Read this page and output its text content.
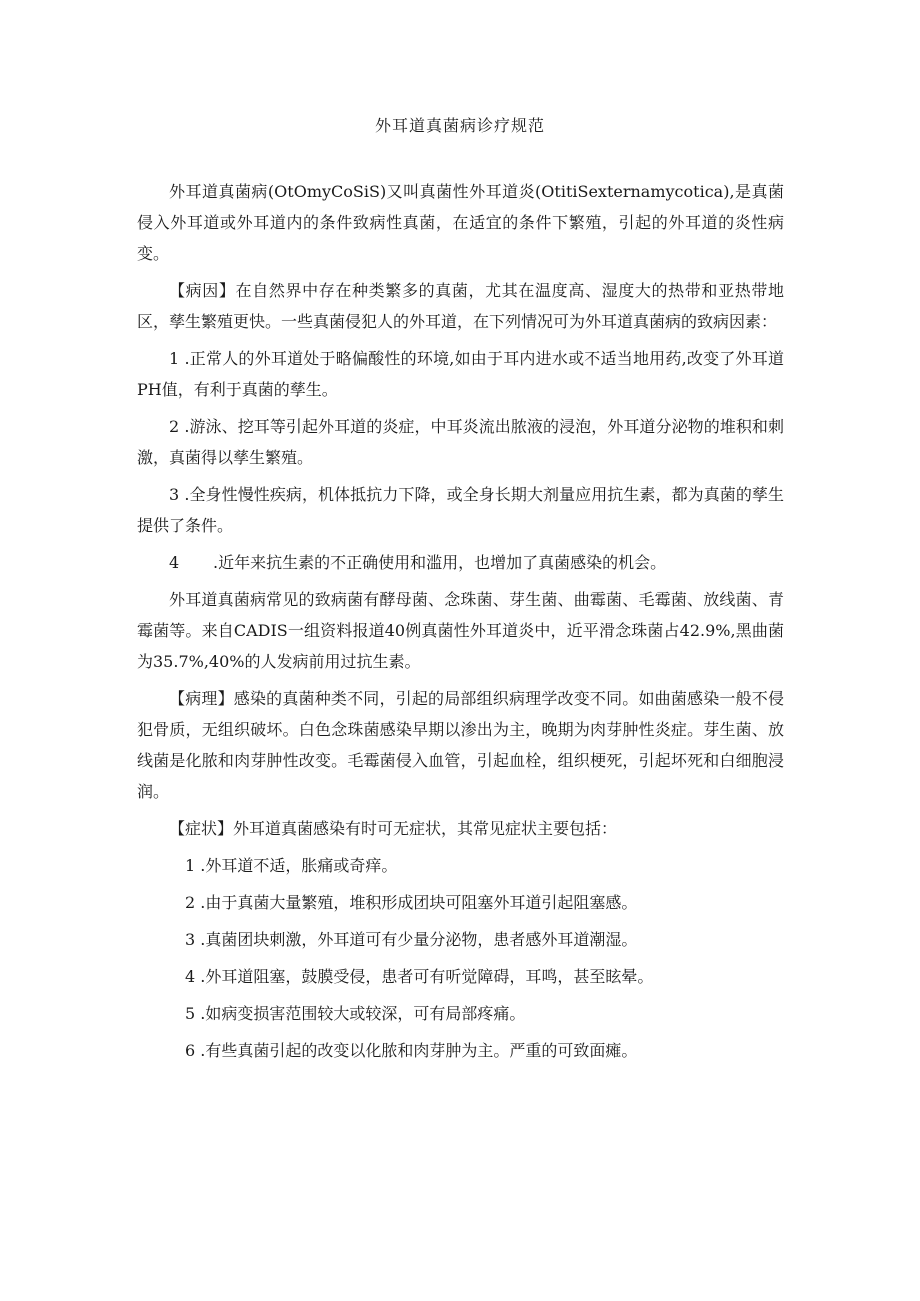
外耳道真菌病诊疗规范

外耳道真菌病(OtOmyCoSiS)又叫真菌性外耳道炎(OtitiSexternamycotica),是真菌侵入外耳道或外耳道内的条件致病性真菌，在适宜的条件下繁殖，引起的外耳道的炎性病变。

【病因】在自然界中存在种类繁多的真菌，尤其在温度高、湿度大的热带和亚热带地区，孳生繁殖更快。一些真菌侵犯人的外耳道，在下列情况可为外耳道真菌病的致病因素：

1 .正常人的外耳道处于略偏酸性的环境,如由于耳内进水或不适当地用药,改变了外耳道PH值，有利于真菌的孳生。

2 .游泳、挖耳等引起外耳道的炎症，中耳炎流出脓液的浸泡，外耳道分泌物的堆积和刺激，真菌得以孳生繁殖。

3 .全身性慢性疾病，机体抵抗力下降，或全身长期大剂量应用抗生素，都为真菌的孳生提供了条件。

4 .近年来抗生素的不正确使用和滥用，也增加了真菌感染的机会。

外耳道真菌病常见的致病菌有酵母菌、念珠菌、芽生菌、曲霉菌、毛霉菌、放线菌、青霉菌等。来自CADIS一组资料报道40例真菌性外耳道炎中，近平滑念珠菌占42.9%,黑曲菌为35.7%,40%的人发病前用过抗生素。

【病理】感染的真菌种类不同，引起的局部组织病理学改变不同。如曲菌感染一般不侵犯骨质，无组织破坏。白色念珠菌感染早期以渗出为主，晚期为肉芽肿性炎症。芽生菌、放线菌是化脓和肉芽肿性改变。毛霉菌侵入血管，引起血栓，组织梗死，引起坏死和白细胞浸润。

【症状】外耳道真菌感染有时可无症状，其常见症状主要包括：

1 .外耳道不适，胀痛或奇痒。

2 .由于真菌大量繁殖，堆积形成团块可阻塞外耳道引起阻塞感。

3 .真菌团块刺激，外耳道可有少量分泌物，患者感外耳道潮湿。

4 .外耳道阻塞，鼓膜受侵，患者可有听觉障碍，耳鸣，甚至眩晕。

5 .如病变损害范围较大或较深，可有局部疼痛。

6 .有些真菌引起的改变以化脓和肉芽肿为主。严重的可致面瘫。
